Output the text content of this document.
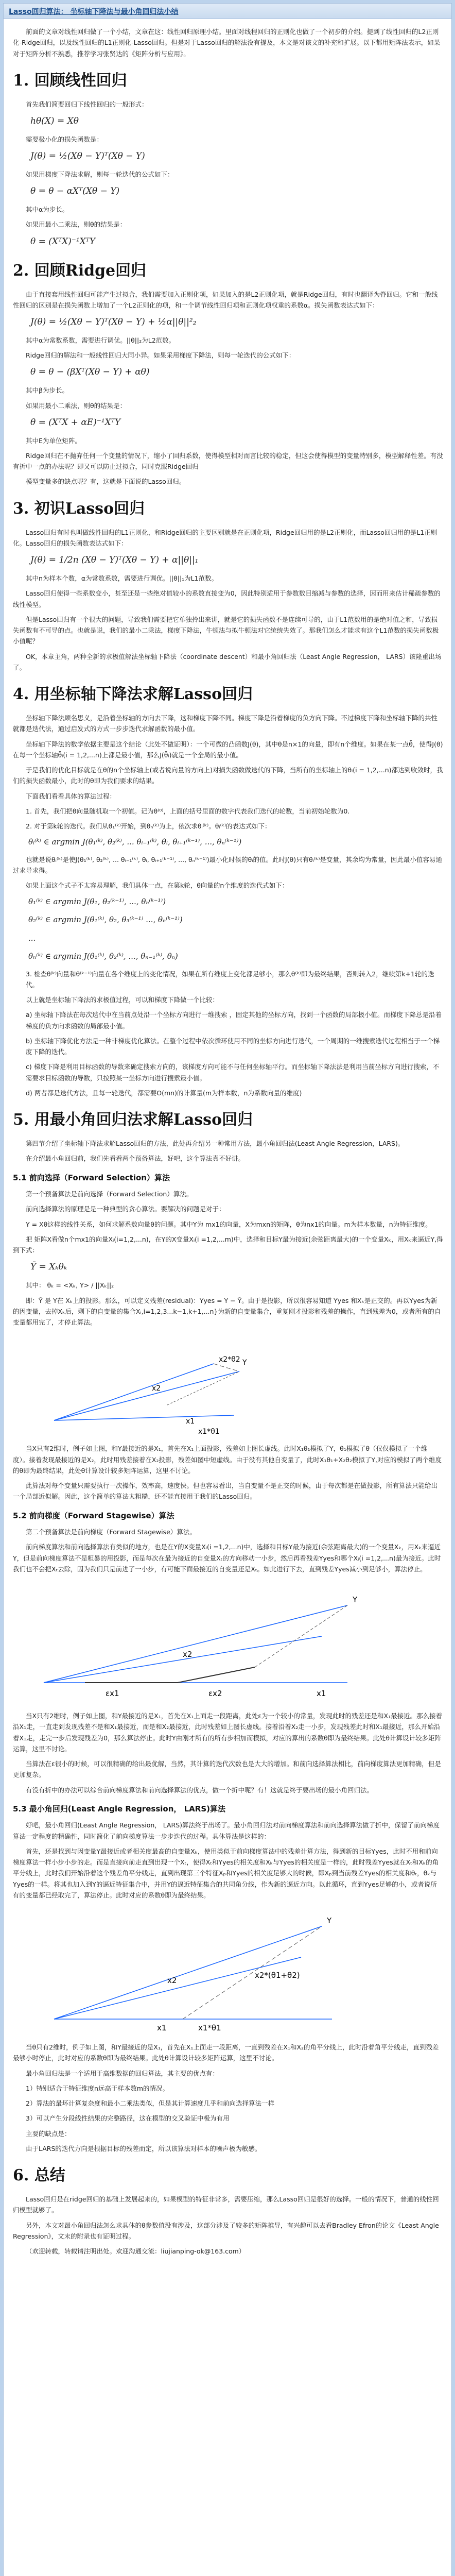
Lasso回归算法： 坐标轴下降法与最小角回归法小结

前面的文章对线性回归做了一个小结，文章在这：线性回归原理小结。里面对线程回归的正则化也做了一个初步的介绍。提到了线性回归的L2正则化-Ridge回归，以及线性回归的L1正则化-Lasso回归。但是对于Lasso回归的解法没有提及，本文是对该文的补充和扩展。以下都用矩阵法表示，如果对于矩阵分析不熟悉，推荐学习张贤达的《矩阵分析与应用》。

1. 回顾线性回归

首先我们简要回归下线性回归的一般形式：

hθ(X) = Xθ

需要极小化的损失函数是：

J(θ) = ½(Xθ − Y)ᵀ(Xθ − Y)

如果用梯度下降法求解，则每一轮迭代的公式如下：

θ = θ − αXᵀ(Xθ − Y)

其中α为步长。

如果用最小二乘法，则θ的结果是：

θ = (XᵀX)⁻¹XᵀY
2. 回顾Ridge回归

由于直接套用线性回归可能产生过拟合，我们需要加入正则化项，如果加入的是L2正则化项，就是Ridge回归，有时也翻译为脊回归。它和一般线性回归的区别是在损失函数上增加了一个L2正则化的项，和一个调节线性回归项和正则化项权重的系数α。损失函数表达式如下：

J(θ) = ½(Xθ − Y)ᵀ(Xθ − Y) + ½α||θ||²₂

其中α为常数系数，需要进行调优。||θ||₂为L2范数。

Ridge回归的解法和一般线性回归大同小异。如果采用梯度下降法，则每一轮迭代的公式如下：

θ = θ − (βXᵀ(Xθ − Y) + αθ)

其中β为步长。

如果用最小二乘法，则θ的结果是：

θ = (XᵀX + αE)⁻¹XᵀY

其中E为单位矩阵。

Ridge回归在不抛弃任何一个变量的情况下，缩小了回归系数，使得模型相对而言比较的稳定，但这会使得模型的变量特别多，模型解释性差。有没有折中一点的办法呢？即又可以防止过拟合，同时克服Ridge回归

模型变量多的缺点呢？有，这就是下面说的Lasso回归。

3. 初识Lasso回归

Lasso回归有时也叫做线性回归的L1正则化，和Ridge回归的主要区别就是在正则化项，Ridge回归用的是L2正则化，而Lasso回归用的是L1正则化。Lasso回归的损失函数表达式如下：

J(θ) = 1/2n (Xθ − Y)ᵀ(Xθ − Y) + α||θ||₁

其中n为样本个数，α为常数系数，需要进行调优。||θ||₁为L1范数。

Lasso回归使得一些系数变小，甚至还是一些绝对值较小的系数直接变为0，因此特别适用于参数数目缩减与参数的选择，因而用来估计稀疏参数的线性模型。

但是Lasso回归有一个很大的问题，导致我们需要把它单独拎出来讲，就是它的损失函数不是连续可导的，由于L1范数用的是绝对值之和，导致损失函数有不可导的点。也就是说，我们的最小二乘法，梯度下降法，牛顿法与拟牛顿法对它统统失效了。那我们怎么才能求有这个L1范数的损失函数极小值呢？

OK，本章主角，两种全新的求极值解法坐标轴下降法（coordinate descent）和最小角回归法（Least Angle Regression， LARS）该隆重出场了。

4. 用坐标轴下降法求解Lasso回归

坐标轴下降法顾名思义，是沿着坐标轴的方向去下降，这和梯度下降不同。梯度下降是沿着梯度的负方向下降。不过梯度下降和坐标轴下降的共性就都是迭代法，通过启发式的方式一步步迭代求解函数的最小值。

坐标轴下降法的数学依据主要是这个结论（此处不做证明）：一个可微的凸函数J(θ)，其中θ是n×1的向量，即有n个维度。如果在某一点θ̄，使得J(θ)在每一个坐标轴θ̄ᵢ(i = 1,2,...n)上都是最小值，那么J(θ̄ᵢ)就是一个全局的最小值。

于是我们的优化目标就是在θ的n个坐标轴上(或者说向量的方向上)对损失函数做迭代的下降，当所有的坐标轴上的θᵢ(i = 1,2,...n)都达到收敛时，我们的损失函数最小，此时的θ即为我们要求的结果。

下面我们看看具体的算法过程：

1. 首先，我们把θ向量随机取一个初值。记为θ⁽⁰⁾，上面的括号里面的数字代表我们迭代的轮数，当前初始轮数为0.

2. 对于第k轮的迭代。我们从θ₁⁽ᵏ⁾开始，到θₙ⁽ᵏ⁾为止，依次求θᵢ⁽ᵏ⁾。θᵢ⁽ᵏ⁾的表达式如下：

θᵢ⁽ᵏ⁾ ∈ argmin J(θ₁⁽ᵏ⁾, θ₂⁽ᵏ⁾, ... θᵢ₋₁⁽ᵏ⁾, θᵢ, θᵢ₊₁⁽ᵏ⁻¹⁾, ..., θₙ⁽ᵏ⁻¹⁾)

也就是说θᵢ⁽ᵏ⁾是使J(θ₁⁽ᵏ⁾, θ₂⁽ᵏ⁾, ... θᵢ₋₁⁽ᵏ⁾, θᵢ, θᵢ₊₁⁽ᵏ⁻¹⁾, ..., θₙ⁽ᵏ⁻¹⁾)最小化时候的θᵢ的值。此时J(θ)只有θᵢ⁽ᵏ⁾是变量，其余均为常量，因此最小值容易通过求导求得。

如果上面这个式子不太容易理解，我们具体一点，在第k轮，θ向量的n个维度的迭代式如下：

θ₁⁽ᵏ⁾ ∈ argmin J(θ₁, θ₂⁽ᵏ⁻¹⁾, ..., θₙ⁽ᵏ⁻¹⁾)
θ₂⁽ᵏ⁾ ∈ argmin J(θ₁⁽ᵏ⁾, θ₂, θ₃⁽ᵏ⁻¹⁾ ..., θₙ⁽ᵏ⁻¹⁾)
...
θₙ⁽ᵏ⁾ ∈ argmin J(θ₁⁽ᵏ⁾, θ₂⁽ᵏ⁾, ..., θₙ₋₁⁽ᵏ⁾, θₙ)

3. 检查θ⁽ᵏ⁾向量和θ⁽ᵏ⁻¹⁾向量在各个维度上的变化情况，如果在所有维度上变化都足够小，那么θ⁽ᵏ⁾即为最终结果，否则转入2，继续第k+1轮的迭代。

以上就是坐标轴下降法的求极值过程，可以和梯度下降做一个比较：

a) 坐标轴下降法在每次迭代中在当前点处沿一个坐标方向进行一维搜索 ，固定其他的坐标方向，找到一个函数的局部极小值。而梯度下降总是沿着梯度的负方向求函数的局部最小值。

b) 坐标轴下降优化方法是一种非梯度优化算法。在整个过程中依次循环使用不同的坐标方向进行迭代，一个周期的一维搜索迭代过程相当于一个梯度下降的迭代。

c) 梯度下降是利用目标函数的导数来确定搜索方向的，该梯度方向可能不与任何坐标轴平行。而坐标轴下降法法是利用当前坐标方向进行搜索，不需要求目标函数的导数，只按照某一坐标方向进行搜索最小值。

d) 两者都是迭代方法，且每一轮迭代，都需要O(mn)的计算量(m为样本数，n为系数向量的维度)

5. 用最小角回归法求解Lasso回归

第四节介绍了坐标轴下降法求解Lasso回归的方法，此处再介绍另一种常用方法，最小角回归法(Least Angle Regression，LARS)。

在介绍最小角回归前，我们先看看两个预备算法，好吧，这个算法真不好讲。

5.1 前向选择（Forward Selection）算法

第一个预备算法是前向选择（Forward Selection）算法。

前向选择算法的原理是是一种典型的贪心算法。要解决的问题是对于：

Y = Xθ这样的线性关系，如何求解系数向量θ的问题。其中Y为 mx1的向量，X为mxn的矩阵，θ为nx1的向量。m为样本数量，n为特征维度。

把 矩阵X看做n个mx1的向量Xᵢ(i=1,2,...n)，在Y的X变量Xᵢ(i =1,2,...m)中，选择和目标Y最为接近(余弦距离最大)的一个变量Xₖ，用Xₖ来逼近Y,得到下式：

Ȳ = Xₖθₖ

其中： θₖ = <Xₖ, Y> / ||Xₖ||₂

即：Ȳ 是 Y在 Xₖ上的投影。那么，可以定义残差(residual)：Yyes = Y − Ȳ。由于是投影，所以很容易知道 Yyes 和Xₖ是正交的。再以Yyes为新的因变量，去掉Xₖ后，剩下的自变量的集合Xᵢ,i=1,2,3...k−1,k+1,...n}为新的自变量集合，重复刚才投影和残差的操作，直到残差为0，或者所有的自变量都用完了，才停止算法。

Y
x2*θ2
x2
x1
x1*θ1

当X只有2维时，例子如上图，和Y最接近的是X₁，首先在X₁上面投影，残差如上图长虚线。此时X₁θ₁模拟了Y，θ₁模拟了θ（仅仅模拟了一个维度）。接着发现最接近的是X₂，此时用残差接着在X₂投影，残差如图中短虚线。由于没有其他自变量了，此时X₁θ₁+X₂θ₂模拟了Y,对应的模拟了两个维度的θ即为最终结果，此处θ计算设计较多矩阵运算，这里不讨论。

此算法对每个变量只需要执行一次操作，效率高，速度快。但也容易看出，当自变量不是正交的时候，由于每次都是在做投影，所有算法只能给出一个局部近似解。因此，这个简单的算法太粗糙，还不能直接用于我们的Lasso回归。

5.2 前向梯度（Forward Stagewise）算法

第二个预备算法是前向梯度（Forward Stagewise）算法。

前向梯度算法和前向选择算法有类似的地方，也是在Y的X变量Xᵢ(i =1,2,...n)中，选择和目标Y最为接近(余弦距离最大)的一个变量Xₖ，用Xₖ来逼近Y，但是前向梯度算法不是粗暴的用投影，而是每次在最为接近的自变量Xₜ的方向移动一小步，然后再看残差Yyes和哪个Xᵢ(i =1,2,...n)最为接近。此时我们也不会把Xₜ去除，因为我们只是前进了一小步，有可能下面最接近的自变量还是Xₜ。如此进行下去，直到残差Yyes减小到足够小，算法停止。

Y
x2
x1
εx1	εx2

当X只有2维时，例子如上图，和Y最接近的是X₁，首先在X₁上面走一段距离，此处ε为一个较小的常量，发现此时的残差还是和X₁最接近。那么接着沿X₁走，一直走到发现残差不是和X₁最接近，而是和X₂最接近，此时残差如上图长虚线。接着沿着X₂走一小步，发现残差此时和X₁最接近，那么开始沿着X₁走，走完一步后发现残差为0，那么算法停止。此时Y由刚才所有的所有步相加而模拟，对应的算出的系数θ即为最终结果。此处θ计算设计较多矩阵运算，这里不讨论。

当算法在ε很小的时候，可以很精确的给出最优解，当然，其计算的迭代次数也是大大的增加。和前向选择算法相比，前向梯度算法更加精确，但是更加复杂。

有没有折中的办法可以综合前向梯度算法和前向选择算法的优点，做一个折中呢？有！这就是终于要出场的最小角回归法。

5.3 最小角回归(Least Angle Regression， LARS)算法

好吧，最小角回归(Least Angle Regression， LARS)算法终于出场了。最小角回归法对前向梯度算法和前向选择算法做了折中，保留了前向梯度算法一定程度的精确性，同时简化了前向梯度算法一步步迭代的过程。具体算法是这样的：

首先，还是找到与因变量Y最接近或者相关度最高的自变量Xₖ，使用类似于前向梯度算法中的残差计算方法，得到新的目标Yyes，此时不用和前向梯度算法一样小步小步的走。而是直接向前走直到出现一个Xₜ，使得Xₜ和Yyes的相关度和Xₖ与Yyes的相关度是一样的，此时残差Yyes就在Xₜ和Xₖ的角平分线上，此时我们开始沿着这个残差角平分线走，直到出现第三个特征Xₚ和Yyes的相关度足够大的时候，即Xₚ到当前残差Yyes的相关度和θₜ，θₖ与Yyes的一样。将其也加入到Y的逼近特征集合中，并用Y的逼近特征集合的共同角分线，作为新的逼近方向。以此循环，直到Yyes足够的小，或者说所有的变量都已经取完了，算法停止。此时对应的系数θ即为最终结果。

Y
x2
x2*(θ1+θ2)
x1	x1*θ1

当θ只有2维时，例子如上图，和Y最接近的是X₁，首先在X₁上面走一段距离，一直到残差在X₁和X₂的角平分线上，此时沿着角平分线走，直到残差最够小时停止，此时对应的系数θ即为最终结果。此处θ计算设计较多矩阵运算，这里不讨论。

最小角回归法是一个适用于高维数据的回归算法，其主要的优点有：

1）特别适合于特征维度n远高于样本数m的情况。

2）算法的最坏计算复杂度和最小二乘法类似，但是其计算速度几乎和前向选择算法一样

3）可以产生分段线性结果的完整路径，这在模型的交叉验证中极为有用

主要的缺点是：

由于LARS的迭代方向是根据目标的残差而定，所以该算法对样本的噪声极为敏感。

6. 总结

Lasso回归是在ridge回归的基础上发展起来的，如果模型的特征非常多，需要压缩，那么Lasso回归是很好的选择。一般的情况下，普通的线性回归模型就够了。

另外，本文对最小角回归法怎么求具体的θ参数值没有涉及，这部分涉及了较多的矩阵推导，有兴趣可以去看Bradley Efron的论文《Least Angle Regression》，文末的附录也有证明过程。

（欢迎转载，转载请注明出处。欢迎沟通交流：liujianping-ok@163.com）
